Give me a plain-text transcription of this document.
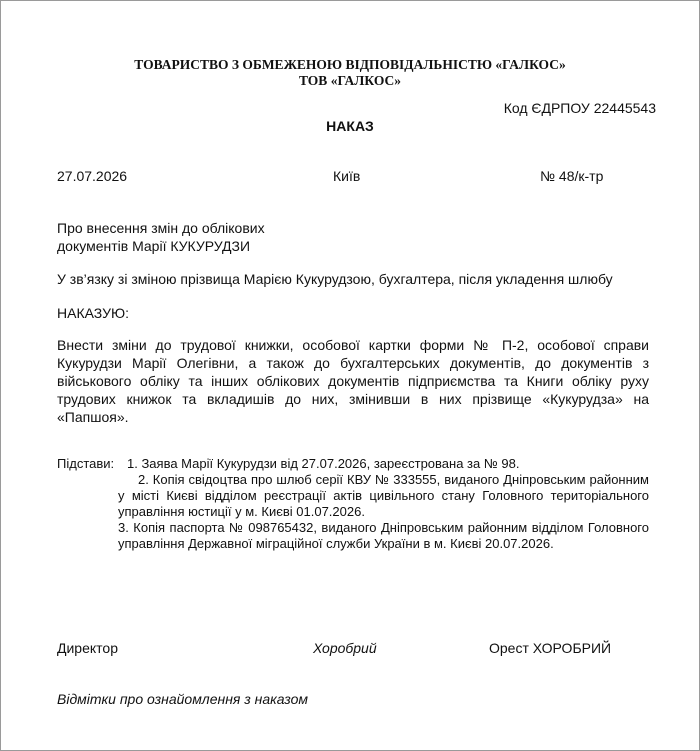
ТОВАРИСТВО З ОБМЕЖЕНОЮ ВІДПОВІДАЛЬНІСТЮ «ГАЛКОС»
ТОВ «ГАЛКОС»
Код ЄДРПОУ 22445543
НАКАЗ
27.07.2026	Київ	№ 48/к-тр
Про внесення змін до облікових
документів Марії КУКУРУДЗИ
У зв’язку зі зміною прізвища Марією Кукурудзою, бухгалтера, після укладення шлюбу
НАКАЗУЮ:
Внести зміни до трудової книжки, особової картки форми № П-2, особової справи Кукурудзи Марії Олегівни, а також до бухгалтерських документів, до документів з військового обліку та інших облікових документів підприємства та Книги обліку руху трудових книжок та вкладишів до них, змінивши в них прізвище «Кукурудза» на «Папшоя».
Підстави: 1. Заява Марії Кукурудзи від 27.07.2026, зареєстрована за № 98.
2. Копія свідоцтва про шлюб серії КВУ № 333555, виданого Дніпровським районним у місті Києві відділом реєстрації актів цивільного стану Головного територіального управління юстиції у м. Києві 01.07.2026.
3. Копія паспорта № 098765432, виданого Дніпровським районним відділом Головного управління Державної міграційної служби України в м. Києві 20.07.2026.
Директор	Хоробрий	Орест ХОРОБРИЙ
Відмітки про ознайомлення з наказом
